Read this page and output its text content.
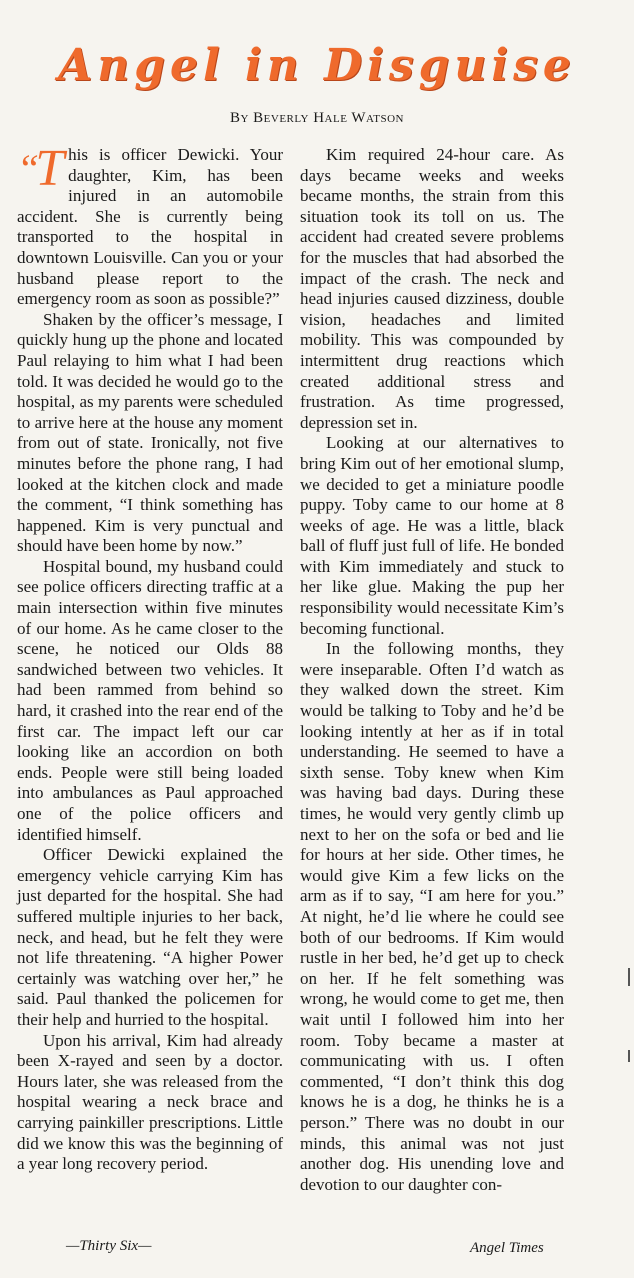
Angel in Disguise
By Beverly Hale Watson

“T his is officer Dewicki. Your daughter, Kim, has been injured in an automobile accident. She is currently being transported to the hospital in downtown Louisville. Can you or your husband please report to the emergency room as soon as possible?”

Shaken by the officer’s message, I quickly hung up the phone and located Paul relaying to him what I had been told. It was decided he would go to the hospital, as my parents were scheduled to arrive here at the house any moment from out of state. Ironically, not five minutes before the phone rang, I had looked at the kitchen clock and made the comment, “I think something has happened. Kim is very punctual and should have been home by now.”

Hospital bound, my husband could see police officers directing traffic at a main intersection within five minutes of our home. As he came closer to the scene, he noticed our Olds 88 sandwiched between two vehicles. It had been rammed from behind so hard, it crashed into the rear end of the first car. The impact left our car looking like an accordion on both ends. People were still being loaded into ambulances as Paul approached one of the police officers and identified himself.

Officer Dewicki explained the emergency vehicle carrying Kim has just departed for the hospital. She had suffered multiple injuries to her back, neck, and head, but he felt they were not life threatening. “A higher Power certainly was watching over her,” he said. Paul thanked the policemen for their help and hurried to the hospital.

Upon his arrival, Kim had already been X-rayed and seen by a doctor. Hours later, she was released from the hospital wearing a neck brace and carrying painkiller prescriptions. Little did we know this was the beginning of a year long recovery period.

Kim required 24-hour care. As days became weeks and weeks became months, the strain from this situation took its toll on us. The accident had created severe problems for the muscles that had absorbed the impact of the crash. The neck and head injuries caused dizziness, double vision, headaches and limited mobility. This was compounded by intermittent drug reactions which created additional stress and frustration. As time progressed, depression set in.

Looking at our alternatives to bring Kim out of her emotional slump, we decided to get a miniature poodle puppy. Toby came to our home at 8 weeks of age. He was a little, black ball of fluff just full of life. He bonded with Kim immediately and stuck to her like glue. Making the pup her responsibility would necessitate Kim’s becoming functional.

In the following months, they were inseparable. Often I’d watch as they walked down the street. Kim would be talking to Toby and he’d be looking intently at her as if in total understanding. He seemed to have a sixth sense. Toby knew when Kim was having bad days. During these times, he would very gently climb up next to her on the sofa or bed and lie for hours at her side. Other times, he would give Kim a few licks on the arm as if to say, “I am here for you.” At night, he’d lie where he could see both of our bedrooms. If Kim would rustle in her bed, he’d get up to check on her. If he felt something was wrong, he would come to get me, then wait until I followed him into her room. Toby became a master at communicating with us. I often commented, “I don’t think this dog knows he is a dog, he thinks he is a person.” There was no doubt in our minds, this animal was not just another dog. His unending love and devotion to our daughter con-

—Thirty Six—	Angel Times
